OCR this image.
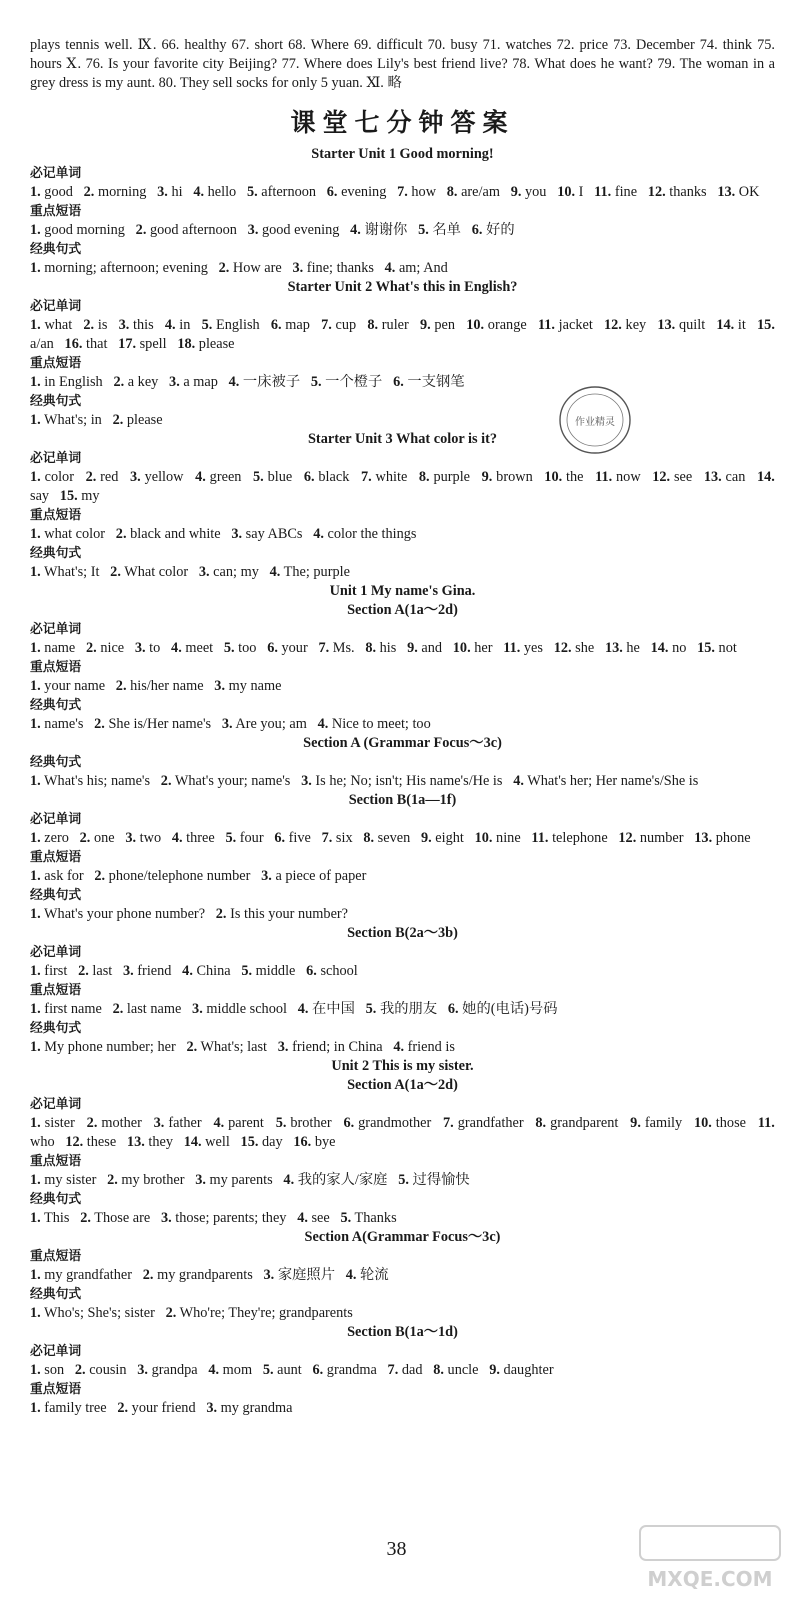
plays tennis well. Ⅸ. 66. healthy 67. short 68. Where 69. difficult 70. busy 71. watches 72. price 73. December 74. think 75. hours Ⅹ. 76. Is your favorite city Beijing? 77. Where does Lily's best friend live? 78. What does he want? 79. The woman in a grey dress is my aunt. 80. They sell socks for only 5 yuan. Ⅺ. 略

课堂七分钟答案
Starter Unit 1 Good morning!
必记单词

1. good 2. morning 3. hi 4. hello 5. afternoon 6. evening 7. how 8. are/am 9. you 10. I 11. fine 12. thanks 13. OK

重点短语

1. good morning 2. good afternoon 3. good evening 4. 谢谢你 5. 名单 6. 好的

经典句式

1. morning; afternoon; evening 2. How are 3. fine; thanks 4. am; And

Starter Unit 2 What's this in English?
必记单词

1. what 2. is 3. this 4. in 5. English 6. map 7. cup 8. ruler 9. pen 10. orange 11. jacket 12. key 13. quilt 14. it 15. a/an 16. that 17. spell 18. please

重点短语

1. in English 2. a key 3. a map 4. 一床被子 5. 一个橙子 6. 一支钢笔

经典句式

1. What's; in 2. please

Starter Unit 3 What color is it?
必记单词

1. color 2. red 3. yellow 4. green 5. blue 6. black 7. white 8. purple 9. brown 10. the 11. now 12. see 13. can 14. say 15. my

重点短语

1. what color 2. black and white 3. say ABCs 4. color the things

经典句式

1. What's; It 2. What color 3. can; my 4. The; purple

Unit 1 My name's Gina.
Section A(1a～2d)
必记单词

1. name 2. nice 3. to 4. meet 5. too 6. your 7. Ms. 8. his 9. and 10. her 11. yes 12. she 13. he 14. no 15. not

重点短语

1. your name 2. his/her name 3. my name

经典句式

1. name's 2. She is/Her name's 3. Are you; am 4. Nice to meet; too

Section A (Grammar Focus～3c)
经典句式

1. What's his; name's 2. What's your; name's 3. Is he; No; isn't; His name's/He is 4. What's her; Her name's/She is

Section B(1a—1f)
必记单词

1. zero 2. one 3. two 4. three 5. four 6. five 7. six 8. seven 9. eight 10. nine 11. telephone 12. number 13. phone

重点短语

1. ask for 2. phone/telephone number 3. a piece of paper

经典句式

1. What's your phone number? 2. Is this your number?

Section B(2a～3b)
必记单词

1. first 2. last 3. friend 4. China 5. middle 6. school

重点短语

1. first name 2. last name 3. middle school 4. 在中国 5. 我的朋友 6. 她的(电话)号码

经典句式

1. My phone number; her 2. What's; last 3. friend; in China 4. friend is

Unit 2 This is my sister.
Section A(1a～2d)
必记单词

1. sister 2. mother 3. father 4. parent 5. brother 6. grandmother 7. grandfather 8. grandparent 9. family 10. those 11. who 12. these 13. they 14. well 15. day 16. bye

重点短语

1. my sister 2. my brother 3. my parents 4. 我的家人/家庭 5. 过得愉快

经典句式

1. This 2. Those are 3. those; parents; they 4. see 5. Thanks

Section A(Grammar Focus～3c)
重点短语

1. my grandfather 2. my grandparents 3. 家庭照片 4. 轮流

经典句式

1. Who's; She's; sister 2. Who're; They're; grandparents

Section B(1a～1d)
必记单词

1. son 2. cousin 3. grandpa 4. mom 5. aunt 6. grandma 7. dad 8. uncle 9. daughter

重点短语

1. family tree 2. your friend 3. my grandma

作业精灵
38
MXQE.COM
